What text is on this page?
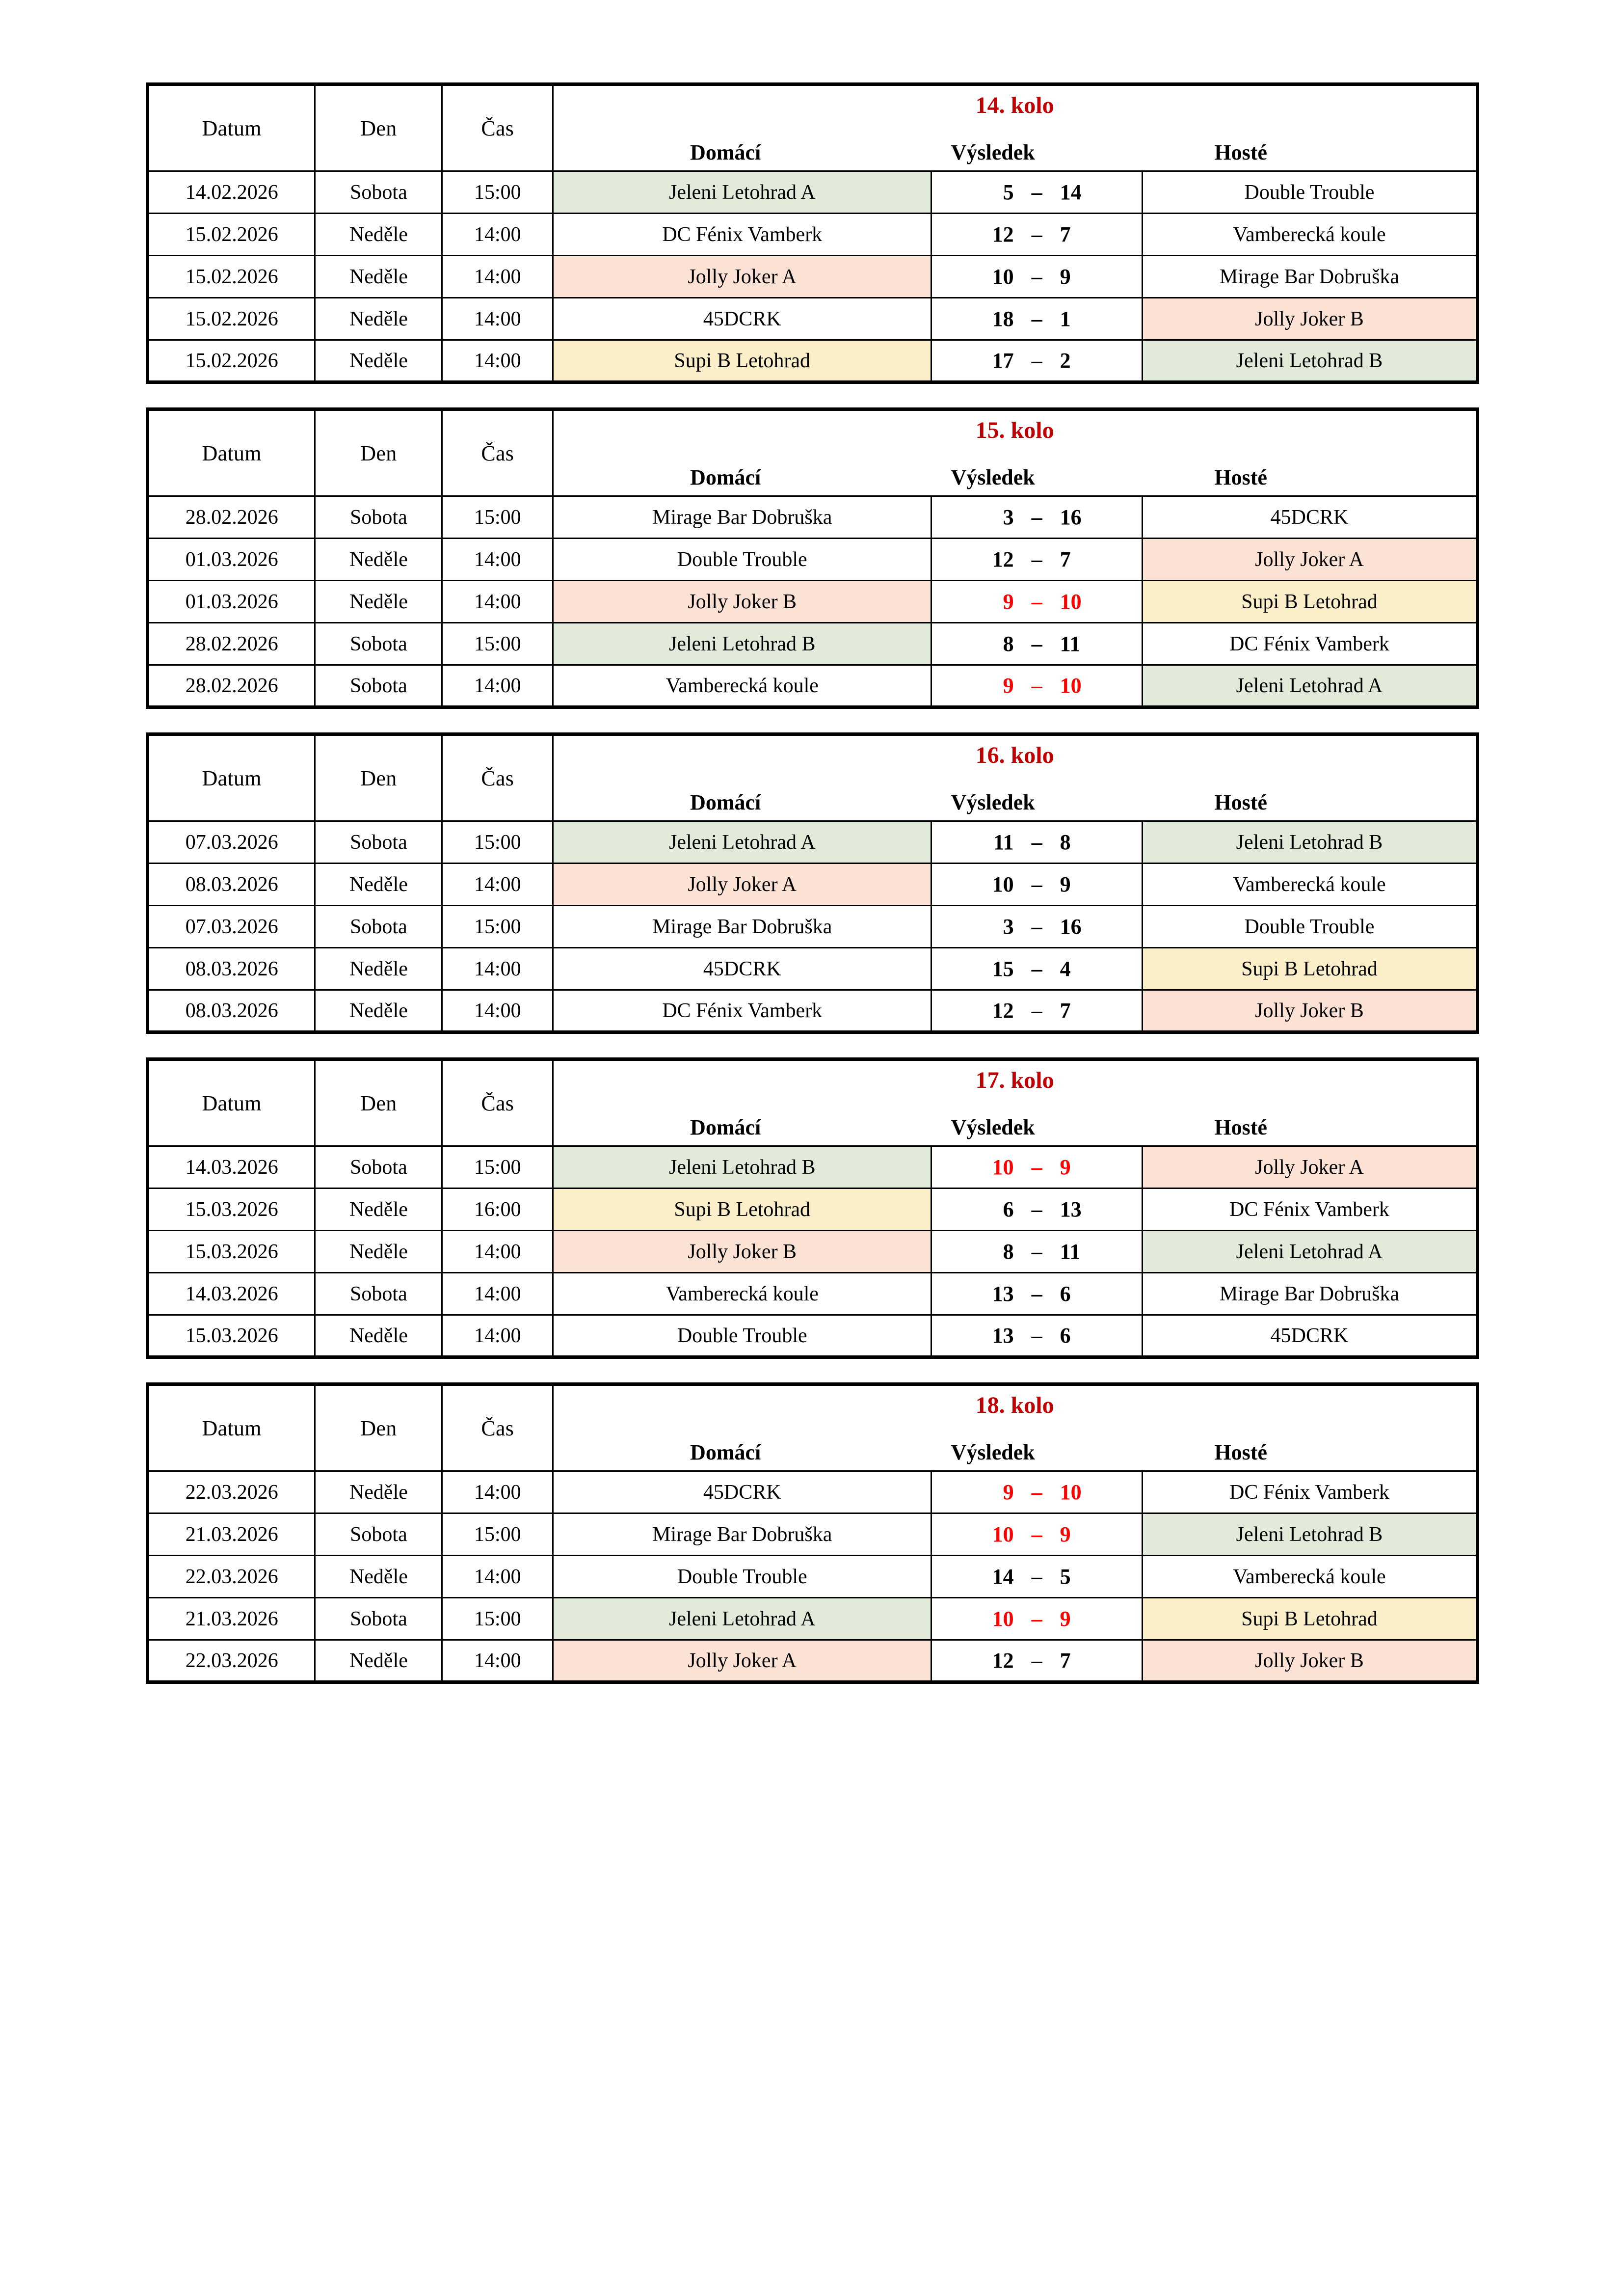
Datum	Den	Čas	14. kolo
Domácí Výsledek Hosté		

14.02.2026	Sobota	15:00	Jeleni Letohrad A	5 – 14	Double Trouble
15.02.2026	Neděle	14:00	DC Fénix Vamberk	12 – 7	Vamberecká koule
15.02.2026	Neděle	14:00	Jolly Joker A	10 – 9	Mirage Bar Dobruška
15.02.2026	Neděle	14:00	45DCRK	18 – 1	Jolly Joker B
15.02.2026	Neděle	14:00	Supi B Letohrad	17 – 2	Jeleni Letohrad B
Datum	Den	Čas	15. kolo
Domácí Výsledek Hosté		

28.02.2026	Sobota	15:00	Mirage Bar Dobruška	3 – 16	45DCRK
01.03.2026	Neděle	14:00	Double Trouble	12 – 7	Jolly Joker A
01.03.2026	Neděle	14:00	Jolly Joker B	9 – 10	Supi B Letohrad
28.02.2026	Sobota	15:00	Jeleni Letohrad B	8 – 11	DC Fénix Vamberk
28.02.2026	Sobota	14:00	Vamberecká koule	9 – 10	Jeleni Letohrad A
Datum	Den	Čas	16. kolo
Domácí Výsledek Hosté		

07.03.2026	Sobota	15:00	Jeleni Letohrad A	11 – 8	Jeleni Letohrad B
08.03.2026	Neděle	14:00	Jolly Joker A	10 – 9	Vamberecká koule
07.03.2026	Sobota	15:00	Mirage Bar Dobruška	3 – 16	Double Trouble
08.03.2026	Neděle	14:00	45DCRK	15 – 4	Supi B Letohrad
08.03.2026	Neděle	14:00	DC Fénix Vamberk	12 – 7	Jolly Joker B
Datum	Den	Čas	17. kolo
Domácí Výsledek Hosté		

14.03.2026	Sobota	15:00	Jeleni Letohrad B	10 – 9	Jolly Joker A
15.03.2026	Neděle	16:00	Supi B Letohrad	6 – 13	DC Fénix Vamberk
15.03.2026	Neděle	14:00	Jolly Joker B	8 – 11	Jeleni Letohrad A
14.03.2026	Sobota	14:00	Vamberecká koule	13 – 6	Mirage Bar Dobruška
15.03.2026	Neděle	14:00	Double Trouble	13 – 6	45DCRK
Datum	Den	Čas	18. kolo
Domácí Výsledek Hosté		

22.03.2026	Neděle	14:00	45DCRK	9 – 10	DC Fénix Vamberk
21.03.2026	Sobota	15:00	Mirage Bar Dobruška	10 – 9	Jeleni Letohrad B
22.03.2026	Neděle	14:00	Double Trouble	14 – 5	Vamberecká koule
21.03.2026	Sobota	15:00	Jeleni Letohrad A	10 – 9	Supi B Letohrad
22.03.2026	Neděle	14:00	Jolly Joker A	12 – 7	Jolly Joker B
